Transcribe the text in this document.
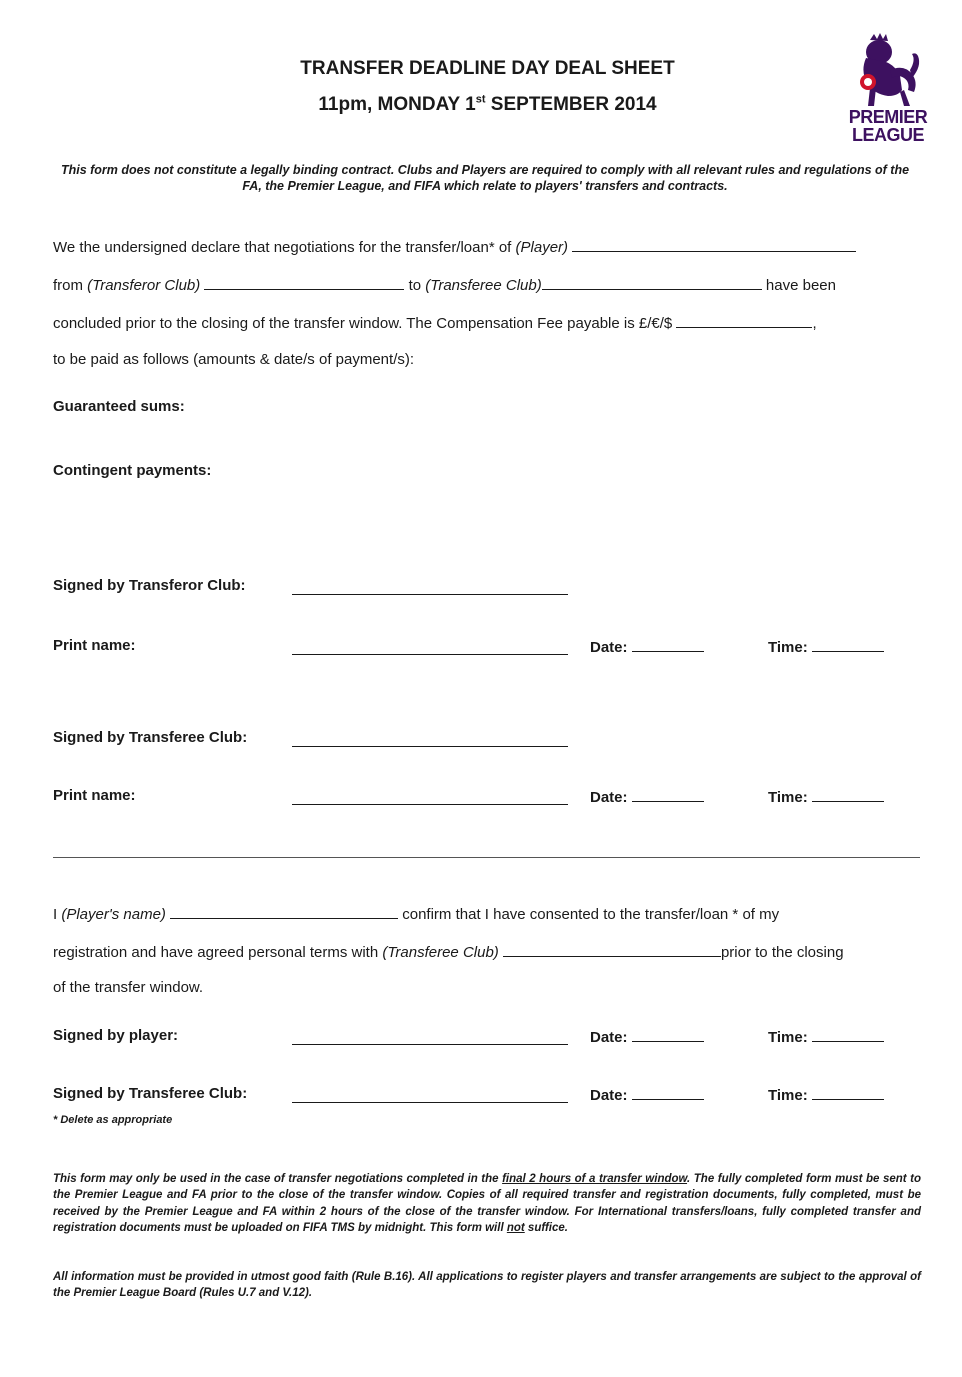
TRANSFER DEADLINE DAY DEAL SHEET
11pm, MONDAY 1st SEPTEMBER 2014
PREMIER
LEAGUE
This form does not constitute a legally binding contract. Clubs and Players are required to comply with all relevant rules and regulations of the FA, the Premier League, and FIFA which relate to players' transfers and contracts.
We the undersigned declare that negotiations for the transfer/loan* of (Player)
from (Transferor Club)	to (Transferee Club)	have been
concluded prior to the closing of the transfer window. The Compensation Fee payable is £/€/$	,
to be paid as follows (amounts & date/s of payment/s):
Guaranteed sums:
Contingent payments:
Signed by Transferor Club:
Print name:	Date:	Time:
Signed by Transferee Club:
Print name:	Date:	Time:
I (Player's name)	confirm that I have consented to the transfer/loan * of my
registration and have agreed personal terms with (Transferee Club)	prior to the closing
of the transfer window.
Signed by player:	Date:	Time:
Signed by Transferee Club:	Date:	Time:
* Delete as appropriate
This form may only be used in the case of transfer negotiations completed in the final 2 hours of a transfer window. The fully completed form must be sent to the Premier League and FA prior to the close of the transfer window. Copies of all required transfer and registration documents, fully completed, must be received by the Premier League and FA within 2 hours of the close of the transfer window. For International transfers/loans, fully completed transfer and registration documents must be uploaded on FIFA TMS by midnight. This form will not suffice.
All information must be provided in utmost good faith (Rule B.16). All applications to register players and transfer arrangements are subject to the approval of the Premier League Board (Rules U.7 and V.12).
